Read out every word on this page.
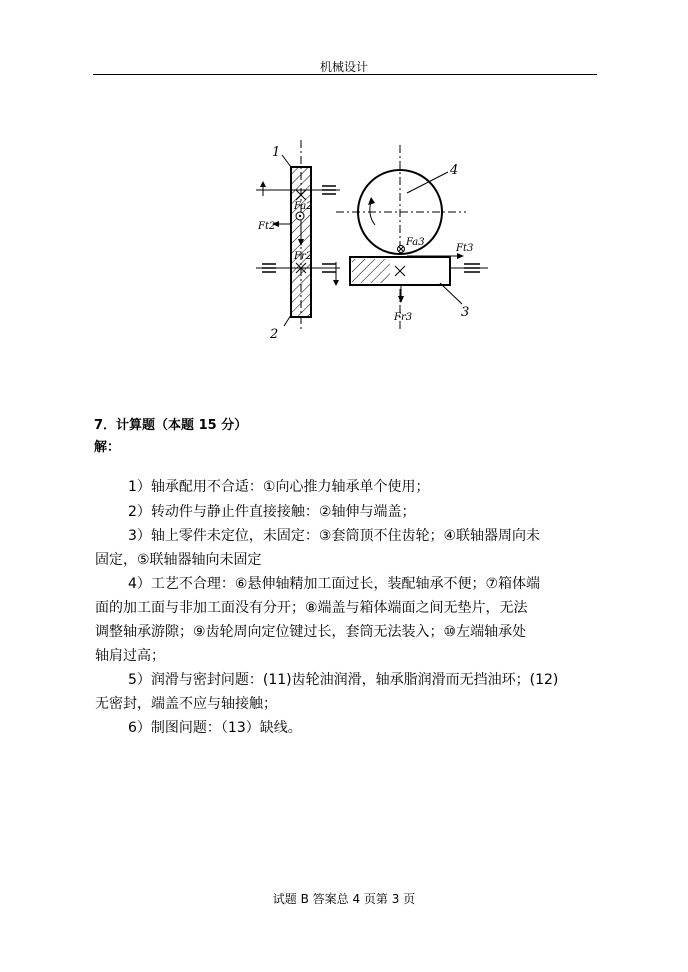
机械设计
1
2
3
4
Fa2
Ft2
Fr2
Fa3
Ft3
Fr3
7．计算题（本题 15 分）
解：
1）轴承配用不合适：①向心推力轴承单个使用；
2）转动件与静止件直接接触：②轴伸与端盖；
3）轴上零件未定位，未固定：③套筒顶不住齿轮；④联轴器周向未
固定，⑤联轴器轴向未固定
4）工艺不合理：⑥悬伸轴精加工面过长，装配轴承不便；⑦箱体端
面的加工面与非加工面没有分开；⑧端盖与箱体端面之间无垫片，无法
调整轴承游隙；⑨齿轮周向定位键过长，套筒无法装入；⑩左端轴承处
轴肩过高；
5）润滑与密封问题：(11)齿轮油润滑，轴承脂润滑而无挡油环；(12)
无密封，端盖不应与轴接触；
6）制图问题：（13）缺线。
试题 B 答案总 4 页第 3 页
